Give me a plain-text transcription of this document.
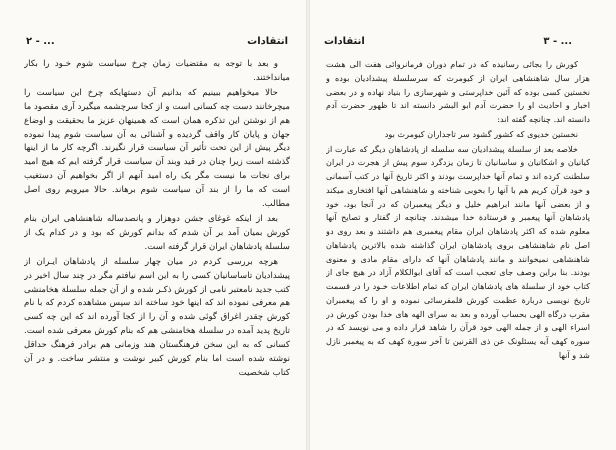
انتقادات
... - ۲

و بعد با توجه به مقتضیات زمان چرخ سیاست شوم خـود را بکار میانداختند.

حالا میخواهیم ببینیم که بدانیم آن دستهایکه چرخ این سیاست را میچرخانند دست چه کسانی است و از کجا سرچشمه میگیرد آری مقصود ما هم از نوشتن این تذکره همان است که همینهان عزیز ما بحقیقت و اوضاع جهان و پایان کار واقف گردیده و آشنائی به آن سیاست شوم پیدا نموده دیگر پیش از این تحت تأثیر آن سیاست قرار نگیرند. اگرچه کار ما از اینها گذشته است زیرا چنان در قید وبند آن سیاست قرار گرفته ایم که هیچ امید برای نجات ما نیست مگر یک راه امید آنهم از اگر بخواهیم آن دستغیب است که ما را از بند آن سیاست شوم برهاند. حالا میرویم روی اصل مطالب.

بعد از اینکه غوغای جشن دوهزار و پانصدساله شاهنشاهی ایران بنام کورش بمیان آمد بر آن شدم که بدانم کورش که بود و در کدام یک از سلسلة پادشاهان ایران قرار گرفته است.

هرچه بررسی کردم در میان چهار سلسله از پادشاهان ایـران از پیشدادیان تاساسانیان کسی را به این اسم نیافتم مگر در چند سال اخیر در کتب جدید نامعتبر نامی از کورش ذکـر شده و از آن جمله سلسلة هخامنشی هم معرفی نموده اند که اینها خود ساخته اند سپس مشاهده کردم که با نام کورش چقدر اغراق گوئی شده و آن را از کجا آورده اند که این چه کسی تاریخ پدید آمده در سلسلة هخامنشی هم که بنام کورش معرفی شده است. کسانی که به این سخن فرهنگستان هند وزمانی هم برادر فرهنگ حداقل نوشته شده است اما بنام کورش کبیر نوشت و منتشر ساخت. و در آن کتاب شخصیت

انتقادات	... - ۳

کورش را بجائی رسانیده که در تمام دوران فرمانروائی هفت الی هشت هزار سال شاهنشاهی ایران از کیومرث که سرسلسلة پیشدادیان بوده و نخستین کسی بوده که آئین خداپرستی و شهرسازی را بنیاد نهاده و در بعضی اخبار و احادیث او را حضرت آدم ابو البشر دانسته اند تا ظهور حضرت آدم دانسته اند. چنانچه گفته اند:

نخستین خدیوی که کشور گشود سر تاجداران کیومرث بود

خلاصه بعد از سلسلة پیشدادیان سه سلسله از پادشاهان دیگر که عبارت از کیانیان و اشکانیان و ساسانیان تا زمان یزدگرد سوم پیش از هجرت در ایران سلطنت کرده اند و تمام آنها خداپرست بودند و اکثر تاریخ آنها در کتب آسمانی و خود قرآن کریم هم با آنها را بخوبی شناخته و شاهنشاهی آنها افتخاری میکند و از بعضی آنها مانند ابراهیم خلیل و دیگر پیغمبران که در آنجا بود، خود پادشاهان آنها پیغمبر و فرستادة خدا میشدند. چنانچه از گفتار و تصایح آنها معلوم شده که اکثر پادشاهان ایران مقام پیغمبری هم داشتند و بعد روی دو اصل نام شاهنشاهی بروی پادشاهان ایران گذاشته شده بالاترین پادشاهان شاهنشاهی نمیخوانند و مانند پادشاهان آنها که دارای مقام مادی و معنوی بودند. بنا براین وصف جای تعجب است که آقای ابوالکلام آزاد در هیچ جای از کتاب خود از سلسلة های پادشاهان ایران که تمام اطلاعات خـود را در قسمت تاریخ نویسی دربارة عظمت کورش قلمفرسائی نموده و او را که پیغمبران مقرب درگاه الهی بحساب آورده و بعد به سرای الهه های خدا بودن کورش در اسراء الهی و از جمله الهی خود قرآن را شاهد قرار داده و می نویسد که در سوره کهف آیه یسئلونک عن ذی القرنین تا آخر سورة کهف که به پیغمبر نازل شد و آنها
